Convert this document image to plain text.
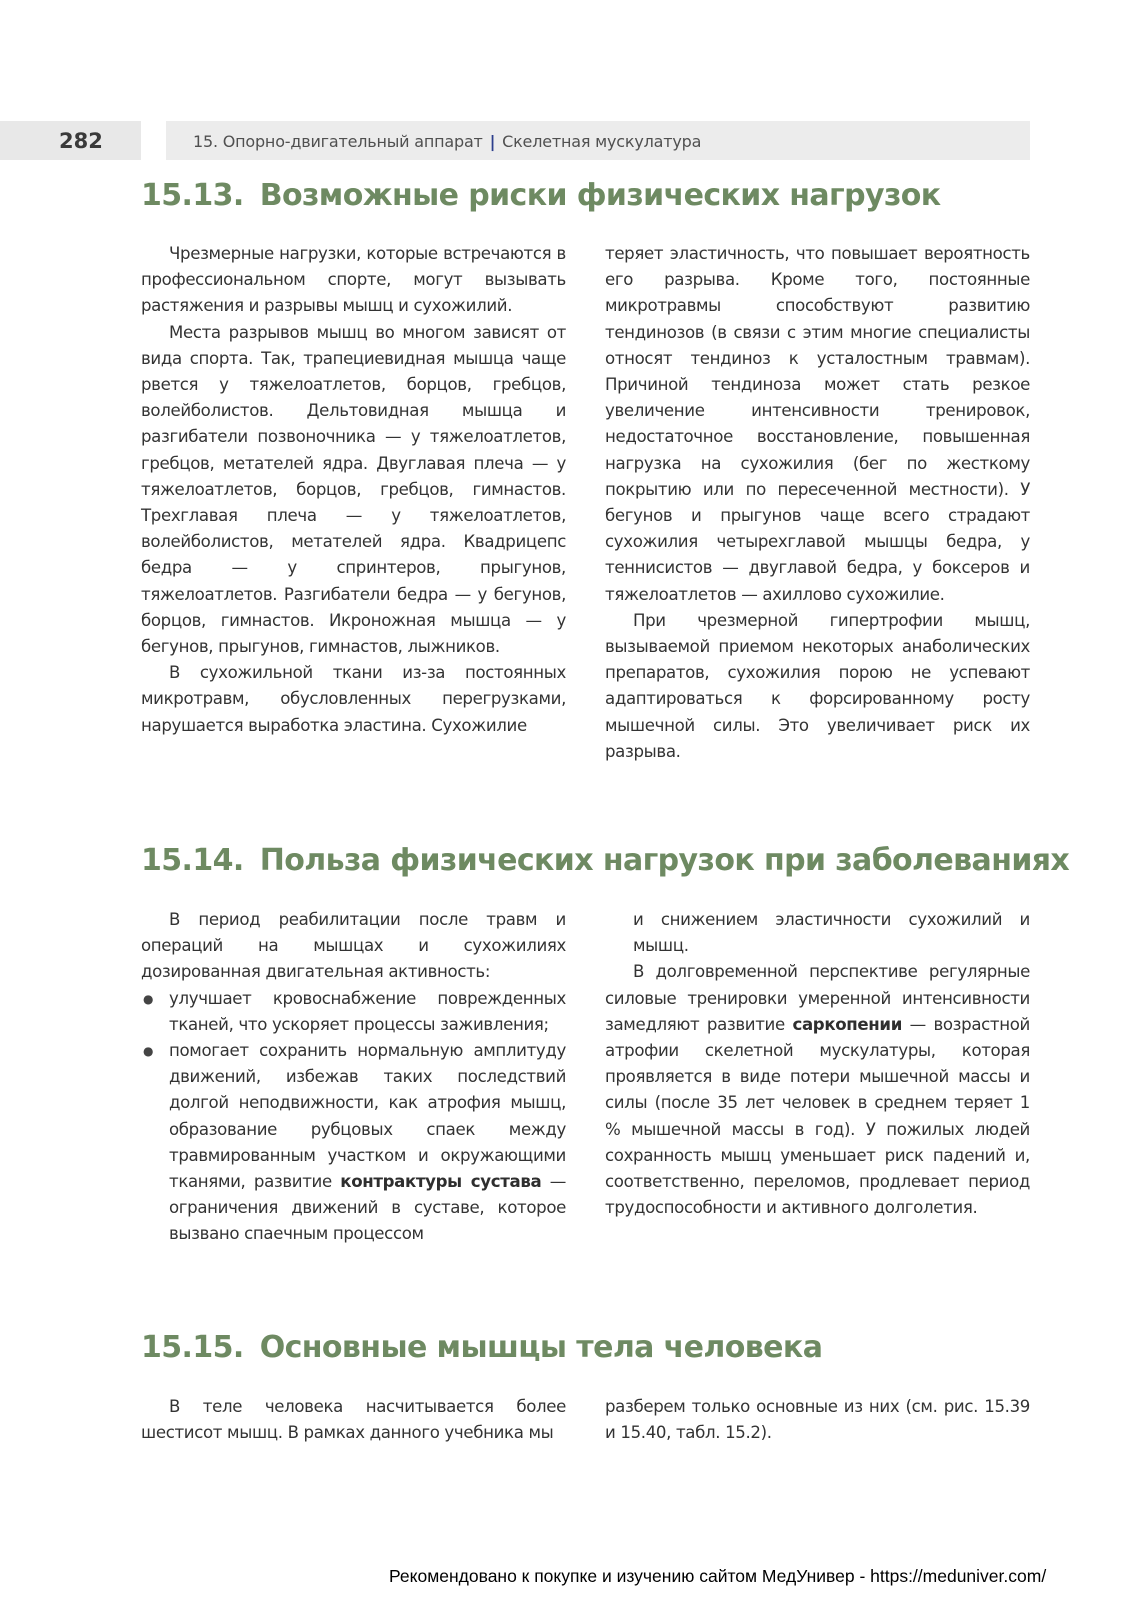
282	15. Опорно-двигательный аппарат | Скелетная мускулатура
15.13. Возможные риски физических нагрузок

Чрезмерные нагрузки, которые встречаются в профессиональном спорте, могут вызывать растяжения и разрывы мышц и сухожилий.

Места разрывов мышц во многом зависят от вида спорта. Так, трапециевидная мышца чаще рвется у тяжелоатлетов, борцов, гребцов, волейболистов. Дельтовидная мышца и разгибатели позвоночника — у тяжелоатлетов, гребцов, метателей ядра. Двуглавая плеча — у тяжелоатлетов, борцов, гребцов, гимнастов. Трехглавая плеча — у тяжелоатлетов, волейболистов, метателей ядра. Квадрицепс бедра — у спринтеров, прыгунов, тяжелоатлетов. Разгибатели бедра — у бегунов, борцов, гимнастов. Икроножная мышца — у бегунов, прыгунов, гимнастов, лыжников.

В сухожильной ткани из-за постоянных микротравм, обусловленных перегрузками, нарушается выработка эластина. Сухожилие

теряет эластичность, что повышает вероятность его разрыва. Кроме того, постоянные микротравмы способствуют развитию тендинозов (в связи с этим многие специалисты относят тендиноз к усталостным травмам). Причиной тендиноза может стать резкое увеличение интенсивности тренировок, недостаточное восстановление, повышенная нагрузка на сухожилия (бег по жесткому покрытию или по пересеченной местности). У бегунов и прыгунов чаще всего страдают сухожилия четырехглавой мышцы бедра, у теннисистов — двуглавой бедра, у боксеров и тяжелоатлетов — ахиллово сухожилие.

При чрезмерной гипертрофии мышц, вызываемой приемом некоторых анаболических препаратов, сухожилия порою не успевают адаптироваться к форсированному росту мышечной силы. Это увеличивает риск их разрыва.

15.14. Польза физических нагрузок при заболеваниях

В период реабилитации после травм и операций на мышцах и сухожилиях дозированная двигательная активность:

● улучшает кровоснабжение поврежденных тканей, что ускоряет процессы заживления;
● помогает сохранить нормальную амплитуду движений, избежав таких последствий долгой неподвижности, как атрофия мышц, образование рубцовых спаек между травмированным участком и окружающими тканями, развитие контрактуры сустава — ограничения движений в суставе, которое вызвано спаечным процессом

и снижением эластичности сухожилий и мышц.

В долговременной перспективе регулярные силовые тренировки умеренной интенсивности замедляют развитие саркопении — возрастной атрофии скелетной мускулатуры, которая проявляется в виде потери мышечной массы и силы (после 35 лет человек в среднем теряет 1 % мышечной массы в год). У пожилых людей сохранность мышц уменьшает риск падений и, соответственно, переломов, продлевает период трудоспособности и активного долголетия.

15.15. Основные мышцы тела человека

В теле человека насчитывается более шестисот мышц. В рамках данного учебника мы

разберем только основные из них (см. рис. 15.39 и 15.40, табл. 15.2).

Рекомендовано к покупке и изучению сайтом МедУнивер - https://meduniver.com/
